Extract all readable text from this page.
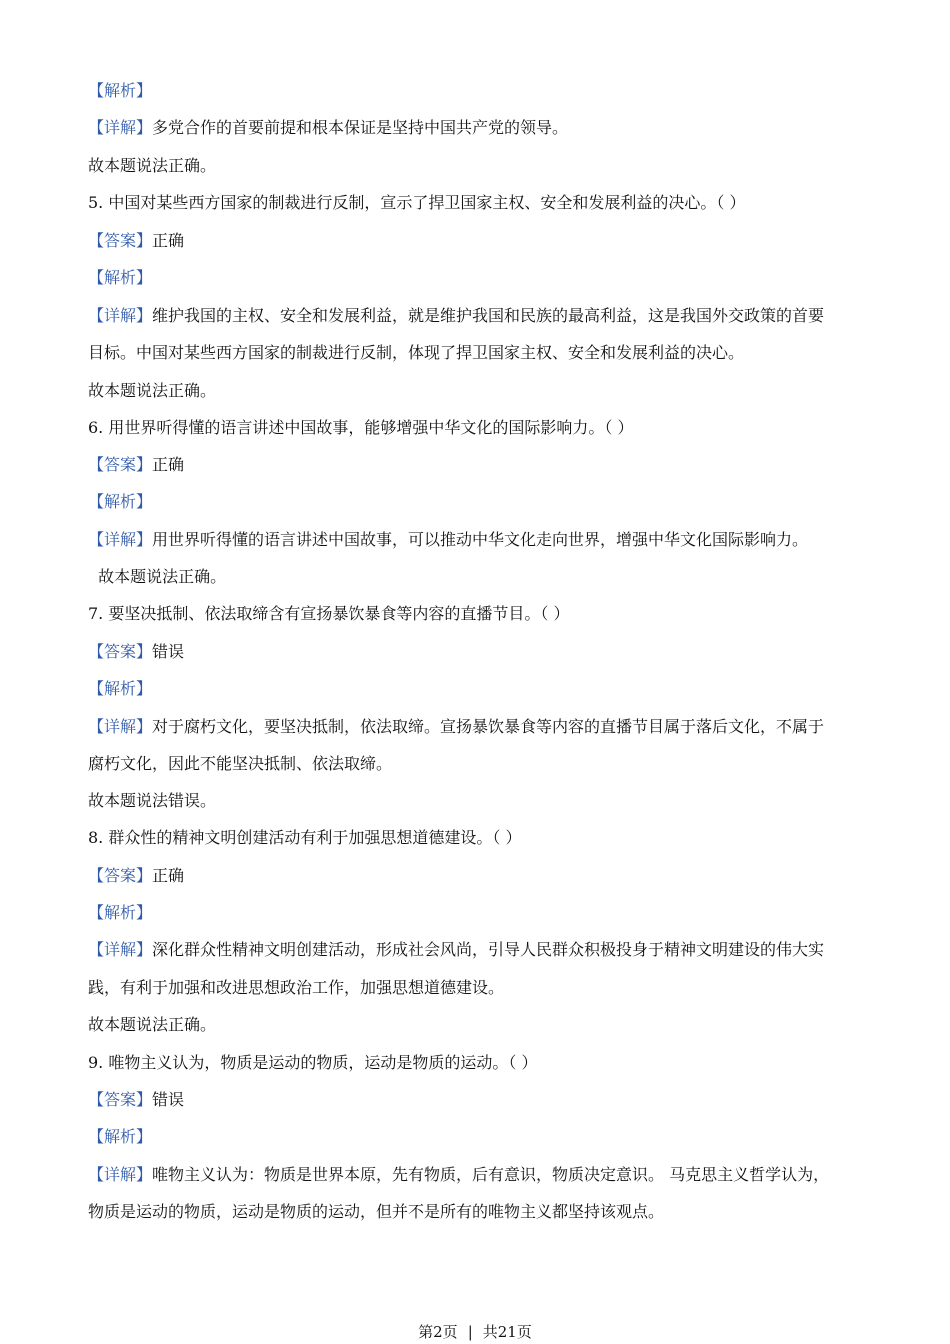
【解析】
【详解】多党合作的首要前提和根本保证是坚持中国共产党的领导。
故本题说法正确。
5. 中国对某些西方国家的制裁进行反制，宣示了捍卫国家主权、安全和发展利益的决心。（ ）
【答案】正确
【解析】
【详解】维护我国的主权、安全和发展利益，就是维护我国和民族的最高利益，这是我国外交政策的首要
目标。中国对某些西方国家的制裁进行反制，体现了捍卫国家主权、安全和发展利益的决心。
故本题说法正确。
6. 用世界听得懂的语言讲述中国故事，能够增强中华文化的国际影响力。（ ）
【答案】正确
【解析】
【详解】用世界听得懂的语言讲述中国故事，可以推动中华文化走向世界，增强中华文化国际影响力。
故本题说法正确。
7. 要坚决抵制、依法取缔含有宣扬暴饮暴食等内容的直播节目。（ ）
【答案】错误
【解析】
【详解】对于腐朽文化，要坚决抵制，依法取缔。宣扬暴饮暴食等内容的直播节目属于落后文化，不属于
腐朽文化，因此不能坚决抵制、依法取缔。
故本题说法错误。
8. 群众性的精神文明创建活动有利于加强思想道德建设。（ ）
【答案】正确
【解析】
【详解】深化群众性精神文明创建活动，形成社会风尚，引导人民群众积极投身于精神文明建设的伟大实
践，有利于加强和改进思想政治工作，加强思想道德建设。
故本题说法正确。
9. 唯物主义认为，物质是运动的物质，运动是物质的运动。（ ）
【答案】错误
【解析】
【详解】唯物主义认为：物质是世界本原，先有物质，后有意识，物质决定意识。 马克思主义哲学认为，
物质是运动的物质，运动是物质的运动，但并不是所有的唯物主义都坚持该观点。
第2页 | 共21页
